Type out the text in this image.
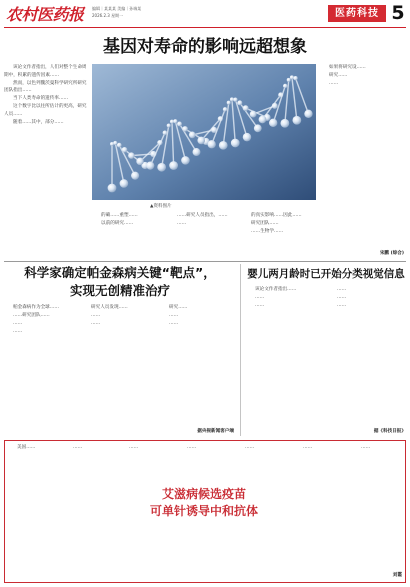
农村医药报	编辑｜某某某 美编｜孙端某
2026.2.3 星期一	医药科技 5
基因对寿命的影响远超想象

该论文作者指出，人们对整个生命周期中，积累的遗传因素……

然而，以色列魏茨曼科学研究所研究团队指出……

当下人类寿命的遗传率……

这个数字比以往所估计的更高，研究人员……

随着……其中，部分……

▲资料图片

如果将研究设……

研究……

……

的确……重塑……

以前的研究……

……研究人员指出，……

……

的真实影响……因此……

研究团队……

……生物学……

宋鹏 (综合)
科学家确定帕金森病关键“靶点”，
实现无创精准治疗

帕金森病作为全球……

……研究团队……

……

……

研究人员发现……

……

……

研究……

……

……

据央视新闻客户端
婴儿两月龄时已开始分类视觉信息

该论文作者指出……

……

……

……

……

……

据《科技日报》

美国……	……	……	……	……	……	……

艾滋病候选疫苗
可单针诱导中和抗体
刘霞
